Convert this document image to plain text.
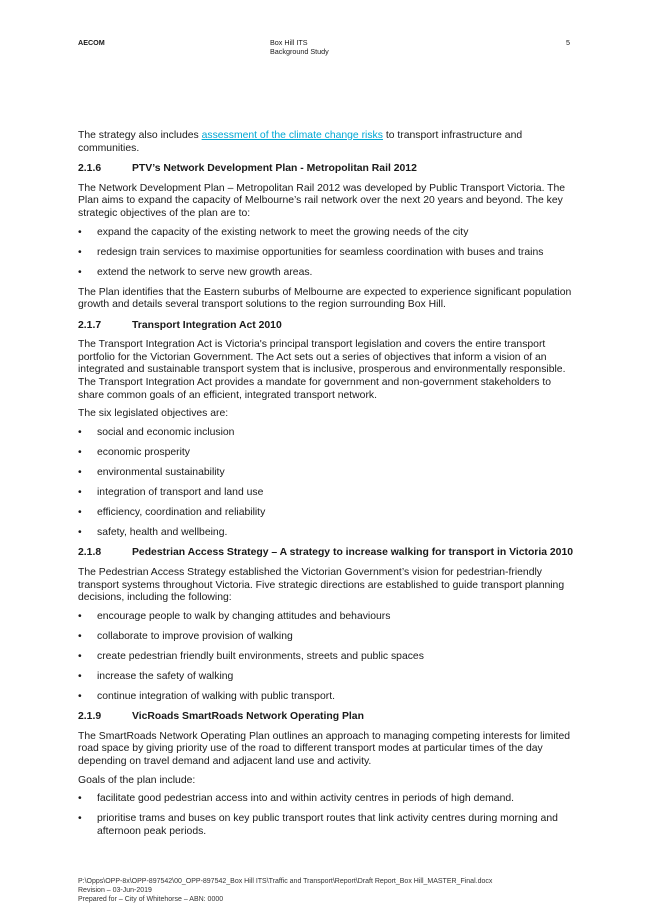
AECOM	Box Hill ITS
Background Study
5

The strategy also includes assessment of the climate change risks to transport infrastructure and communities.

2.1.6	PTV’s Network Development Plan - Metropolitan Rail 2012

The Network Development Plan – Metropolitan Rail 2012 was developed by Public Transport Victoria. The Plan aims to expand the capacity of Melbourne’s rail network over the next 20 years and beyond. The key strategic objectives of the plan are to:

• expand the capacity of the existing network to meet the growing needs of the city
• redesign train services to maximise opportunities for seamless coordination with buses and trains
• extend the network to serve new growth areas.

The Plan identifies that the Eastern suburbs of Melbourne are expected to experience significant population growth and details several transport solutions to the region surrounding Box Hill.

2.1.7	Transport Integration Act 2010

The Transport Integration Act is Victoria's principal transport legislation and covers the entire transport portfolio for the Victorian Government. The Act sets out a series of objectives that inform a vision of an integrated and sustainable transport system that is inclusive, prosperous and environmentally responsible. The Transport Integration Act provides a mandate for government and non-government stakeholders to share common goals of an efficient, integrated transport network.

The six legislated objectives are:

• social and economic inclusion
• economic prosperity
• environmental sustainability
• integration of transport and land use
• efficiency, coordination and reliability
• safety, health and wellbeing.
2.1.8	Pedestrian Access Strategy – A strategy to increase walking for transport in Victoria 2010

The Pedestrian Access Strategy established the Victorian Government’s vision for pedestrian-friendly transport systems throughout Victoria. Five strategic directions are established to guide transport planning decisions, including the following:

• encourage people to walk by changing attitudes and behaviours
• collaborate to improve provision of walking
• create pedestrian friendly built environments, streets and public spaces
• increase the safety of walking
• continue integration of walking with public transport.
2.1.9	VicRoads SmartRoads Network Operating Plan

The SmartRoads Network Operating Plan outlines an approach to managing competing interests for limited road space by giving priority use of the road to different transport modes at particular times of the day depending on travel demand and adjacent land use and activity.

Goals of the plan include:

• facilitate good pedestrian access into and within activity centres in periods of high demand.
• prioritise trams and buses on key public transport routes that link activity centres during morning and afternoon peak periods.
P:\Opps\OPP-8x\OPP-897542\00_OPP-897542_Box Hill ITS\Traffic and Transport\Report\Draft Report_Box Hill_MASTER_Final.docx
Revision – 03-Jun-2019
Prepared for – City of Whitehorse – ABN: 0000
